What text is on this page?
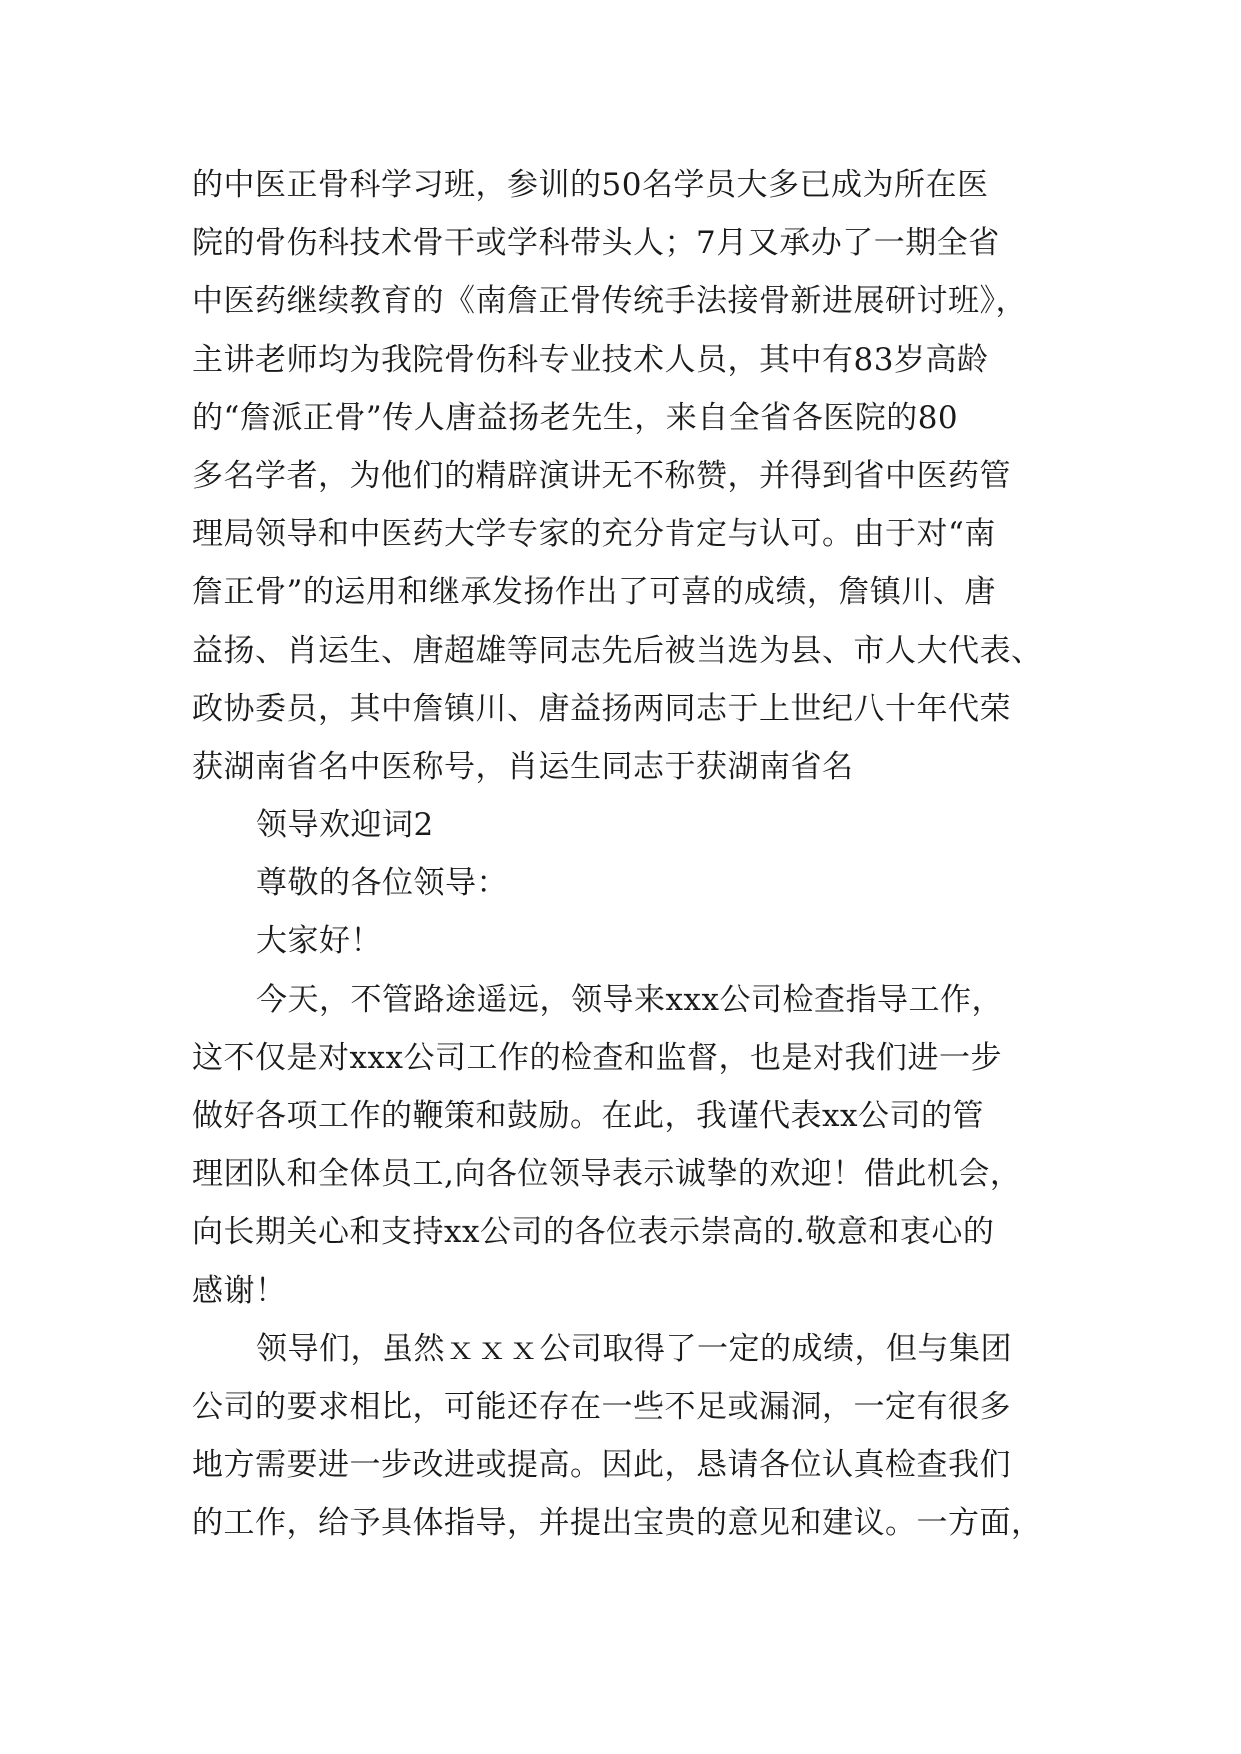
的中医正骨科学习班，参训的50名学员大多已成为所在医
院的骨伤科技术骨干或学科带头人；7月又承办了一期全省
中医药继续教育的《南詹正骨传统手法接骨新进展研讨班》，
主讲老师均为我院骨伤科专业技术人员，其中有83岁高龄
的“詹派正骨”传人唐益扬老先生，来自全省各医院的80
多名学者，为他们的精辟演讲无不称赞，并得到省中医药管
理局领导和中医药大学专家的充分肯定与认可。由于对“南
詹正骨”的运用和继承发扬作出了可喜的成绩，詹镇川、唐
益扬、肖运生、唐超雄等同志先后被当选为县、市人大代表、
政协委员，其中詹镇川、唐益扬两同志于上世纪八十年代荣
获湖南省名中医称号，肖运生同志于获湖南省名
领导欢迎词2
尊敬的各位领导：
大家好！
今天，不管路途遥远，领导来xxx公司检查指导工作，
这不仅是对xxx公司工作的检查和监督，也是对我们进一步
做好各项工作的鞭策和鼓励。在此，我谨代表xx公司的管
理团队和全体员工,向各位领导表示诚挚的欢迎！借此机会，
向长期关心和支持xx公司的各位表示崇高的.敬意和衷心的
感谢！
领导们，虽然ｘｘｘ公司取得了一定的成绩，但与集团
公司的要求相比，可能还存在一些不足或漏洞，一定有很多
地方需要进一步改进或提高。因此，恳请各位认真检查我们
的工作，给予具体指导，并提出宝贵的意见和建议。一方面，
